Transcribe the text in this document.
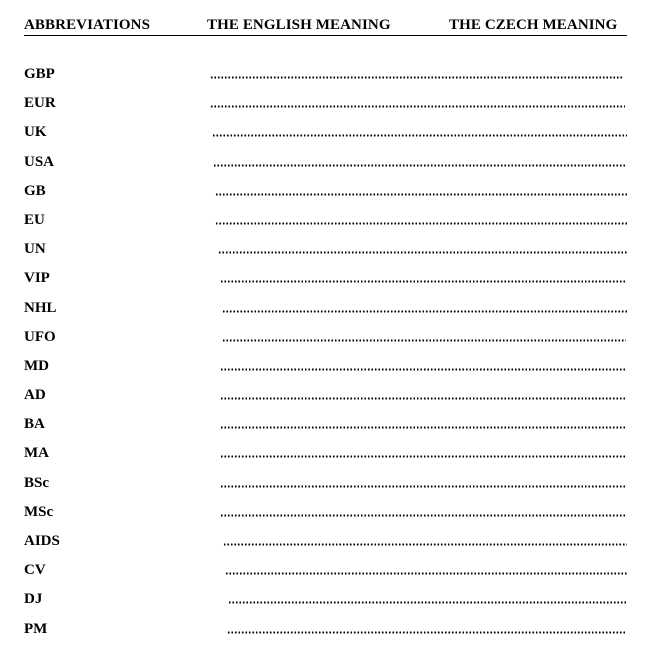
ABBREVIATIONS	THE ENGLISH MEANING	THE CZECH MEANING
GBP
EUR
UK
USA
GB
EU
UN
VIP
NHL
UFO
MD
AD
BA
MA
BSc
MSc
AIDS
CV
DJ
PM
